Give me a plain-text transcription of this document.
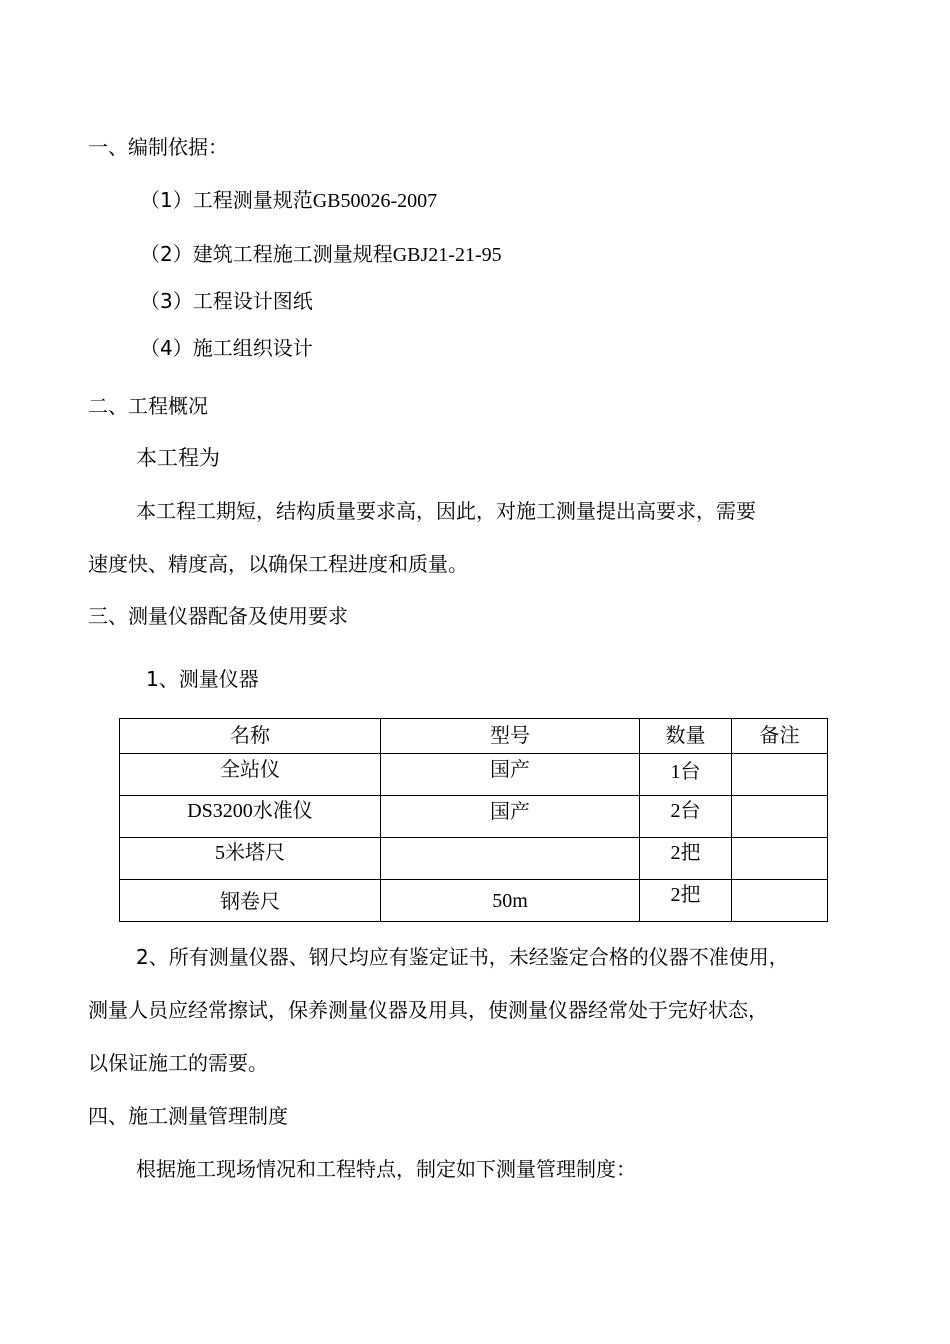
一、编制依据：

（1）工程测量规范GB50026-2007

（2）建筑工程施工测量规程GBJ21-21-95

（3）工程设计图纸

（4）施工组织设计

二、工程概况

本工程为

本工程工期短，结构质量要求高，因此，对施工测量提出高要求，需要

速度快、精度高，以确保工程进度和质量。

三、测量仪器配备及使用要求

1、测量仪器

名称	型号	数量	备注
全站仪	国产	1台	
DS3200水准仪	国产	2台	
5米塔尺		2把	
钢卷尺	50m	2把	

2、所有测量仪器、钢尺均应有鉴定证书，未经鉴定合格的仪器不准使用，

测量人员应经常擦试，保养测量仪器及用具，使测量仪器经常处于完好状态，

以保证施工的需要。

四、施工测量管理制度

根据施工现场情况和工程特点，制定如下测量管理制度：
